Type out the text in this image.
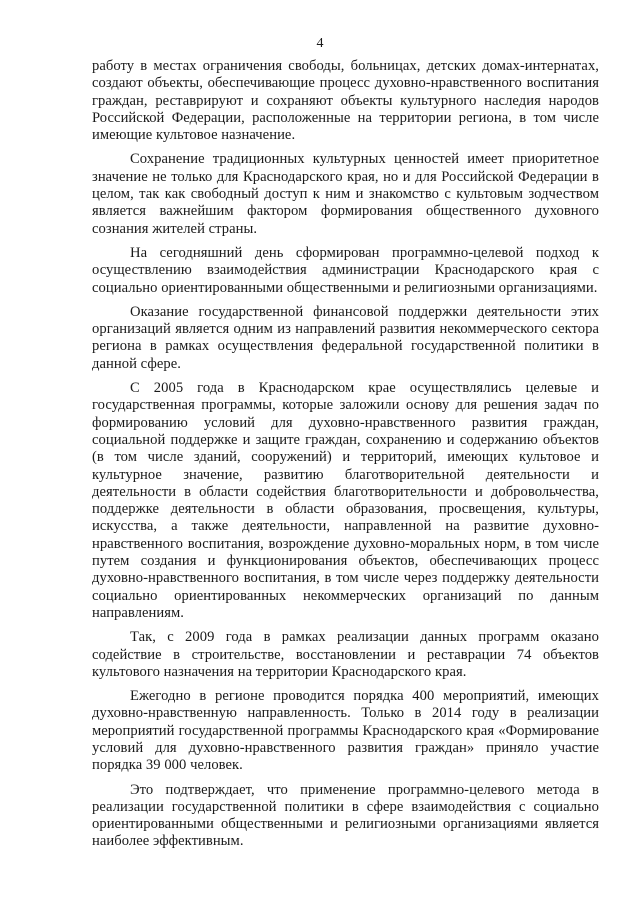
4

работу в местах ограничения свободы, больницах, детских домах-интернатах, создают объекты, обеспечивающие процесс духовно-нравственного воспитания граждан, реставрируют и сохраняют объекты культурного наследия народов Российской Федерации, расположенные на территории региона, в том числе имеющие культовое назначение.

Сохранение традиционных культурных ценностей имеет приоритетное значение не только для Краснодарского края, но и для Российской Федерации в целом, так как свободный доступ к ним и знакомство с культовым зодчеством является важнейшим фактором формирования общественного духовного сознания жителей страны.

На сегодняшний день сформирован программно-целевой подход к осуществлению взаимодействия администрации Краснодарского края с социально ориентированными общественными и религиозными организациями.

Оказание государственной финансовой поддержки деятельности этих организаций является одним из направлений развития некоммерческого сектора региона в рамках осуществления федеральной государственной политики в данной сфере.

С 2005 года в Краснодарском крае осуществлялись целевые и государственная программы, которые заложили основу для решения задач по формированию условий для духовно-нравственного развития граждан, социальной поддержке и защите граждан, сохранению и содержанию объектов (в том числе зданий, сооружений) и территорий, имеющих культовое и культурное значение, развитию благотворительной деятельности и деятельности в области содействия благотворительности и добровольчества, поддержке деятельности в области образования, просвещения, культуры, искусства, а также деятельности, направленной на развитие духовно-нравственного воспитания, возрождение духовно-моральных норм, в том числе путем создания и функционирования объектов, обеспечивающих процесс духовно-нравственного воспитания, в том числе через поддержку деятельности социально ориентированных некоммерческих организаций по данным направлениям.

Так, с 2009 года в рамках реализации данных программ оказано содействие в строительстве, восстановлении и реставрации 74 объектов культового назначения на территории Краснодарского края.

Ежегодно в регионе проводится порядка 400 мероприятий, имеющих духовно-нравственную направленность. Только в 2014 году в реализации мероприятий государственной программы Краснодарского края «Формирование условий для духовно-нравственного развития граждан» приняло участие порядка 39 000 человек.

Это подтверждает, что применение программно-целевого метода в реализации государственной политики в сфере взаимодействия с социально ориентированными общественными и религиозными организациями является наиболее эффективным.
